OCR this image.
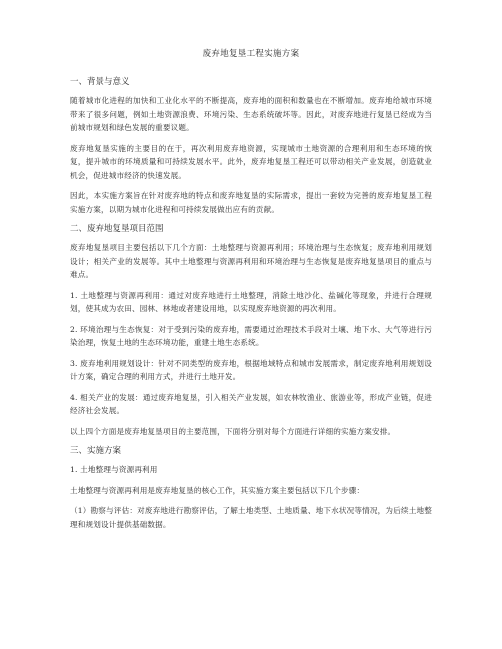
废弃地复垦工程实施方案
一、背景与意义
随着城市化进程的加快和工业化水平的不断提高，废弃地的面积和数量也在不断增加。废弃地给城市环境带来了很多问题，例如土地资源浪费、环境污染、生态系统破坏等。因此，对废弃地进行复垦已经成为当前城市规划和绿色发展的重要议题。
废弃地复垦实施的主要目的在于，再次利用废弃地资源，实现城市土地资源的合理利用和生态环境的恢复，提升城市的环境质量和可持续发展水平。此外，废弃地复垦工程还可以带动相关产业发展，创造就业机会，促进城市经济的快速发展。
因此，本实施方案旨在针对废弃地的特点和废弃地复垦的实际需求，提出一套较为完善的废弃地复垦工程实施方案，以期为城市化进程和可持续发展做出应有的贡献。
二、废弃地复垦项目范围
废弃地复垦项目主要包括以下几个方面：土地整理与资源再利用；环境治理与生态恢复；废弃地利用规划设计；相关产业的发展等。其中土地整理与资源再利用和环境治理与生态恢复是废弃地复垦项目的重点与难点。
1. 土地整理与资源再利用：通过对废弃地进行土地整理，消除土地沙化、盐碱化等现象，并进行合理规划，使其成为农田、园林、林地或者建设用地，以实现废弃地资源的再次利用。
2. 环境治理与生态恢复：对于受到污染的废弃地，需要通过治理技术手段对土壤、地下水、大气等进行污染治理，恢复土地的生态环境功能，重建土地生态系统。
3. 废弃地利用规划设计：针对不同类型的废弃地，根据地域特点和城市发展需求，制定废弃地利用规划设计方案，确定合理的利用方式，并进行土地开发。
4. 相关产业的发展：通过废弃地复垦，引入相关产业发展，如农林牧渔业、旅游业等，形成产业链，促进经济社会发展。
以上四个方面是废弃地复垦项目的主要范围，下面将分别对每个方面进行详细的实施方案安排。
三、实施方案
1. 土地整理与资源再利用
土地整理与资源再利用是废弃地复垦的核心工作，其实施方案主要包括以下几个步骤：
（1）勘察与评估：对废弃地进行勘察评估，了解土地类型、土地质量、地下水状况等情况，为后续土地整理和规划设计提供基础数据。
